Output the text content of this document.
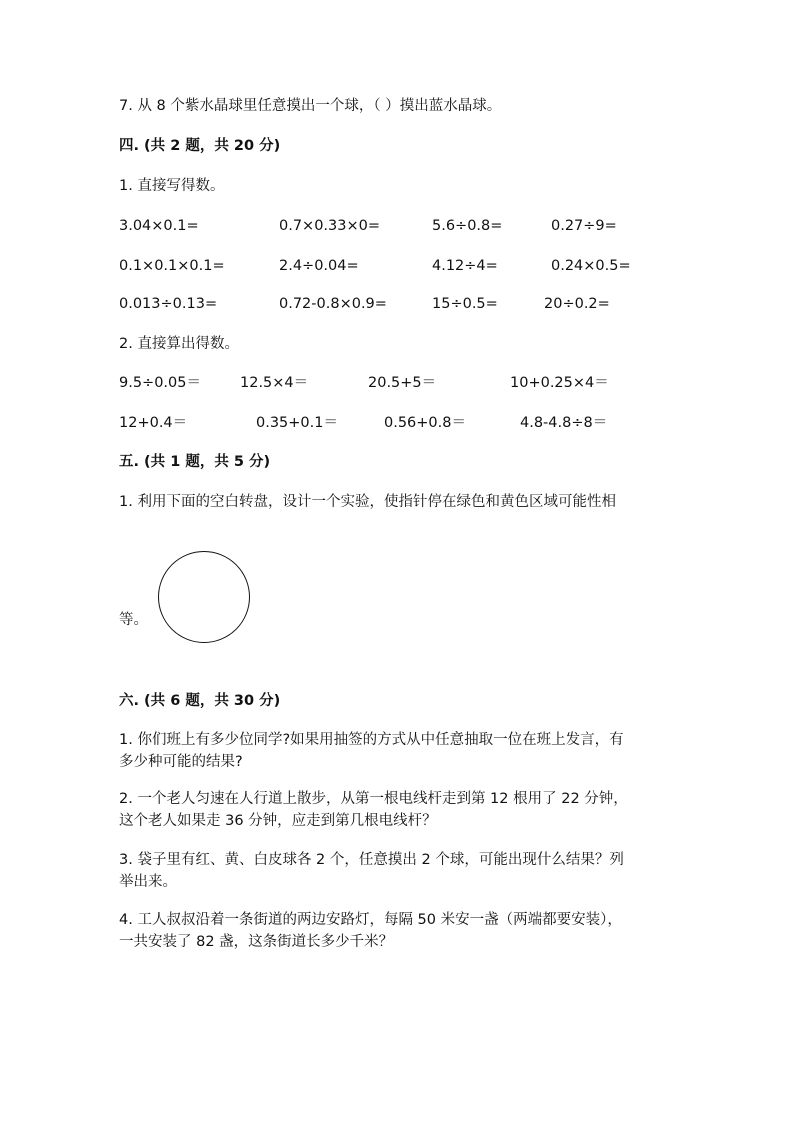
7. 从 8 个紫水晶球里任意摸出一个球，（ ）摸出蓝水晶球。
四. (共 2 题，共 20 分)
1. 直接写得数。
3.04×0.1=	0.7×0.33×0=	5.6÷0.8=	0.27÷9=
0.1×0.1×0.1=	2.4÷0.04=	4.12÷4=	0.24×0.5=
0.013÷0.13=	0.72-0.8×0.9=	15÷0.5=	20÷0.2=
2. 直接算出得数。
9.5÷0.05＝	12.5×4＝	20.5+5＝	10+0.25×4＝
12+0.4＝	0.35+0.1＝	0.56+0.8＝	4.8-4.8÷8＝
五. (共 1 题，共 5 分)
1. 利用下面的空白转盘，设计一个实验，使指针停在绿色和黄色区域可能性相
等。
六. (共 6 题，共 30 分)
1. 你们班上有多少位同学?如果用抽签的方式从中任意抽取一位在班上发言，有
多少种可能的结果?
2. 一个老人匀速在人行道上散步，从第一根电线杆走到第 12 根用了 22 分钟，
这个老人如果走 36 分钟，应走到第几根电线杆？
3. 袋子里有红、黄、白皮球各 2 个，任意摸出 2 个球，可能出现什么结果？列
举出来。
4. 工人叔叔沿着一条街道的两边安路灯，每隔 50 米安一盏（两端都要安装），
一共安装了 82 盏，这条街道长多少千米？
